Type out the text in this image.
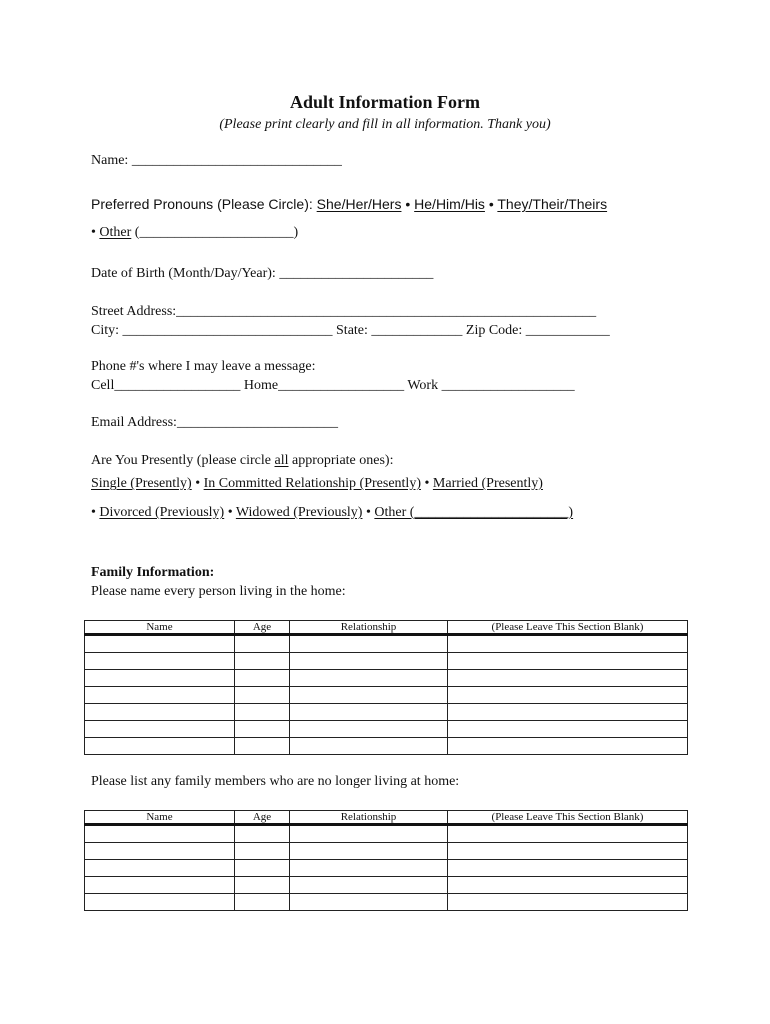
Adult Information Form
(Please print clearly and fill in all information. Thank you)
Name: ______________________________
Preferred Pronouns (Please Circle): She/Her/Hers • He/Him/His • They/Their/Theirs
• Other (______________________)
Date of Birth (Month/Day/Year): ______________________
Street Address:____________________________________________________________
City: ______________________________ State: _____________ Zip Code: ____________
Phone #'s where I may leave a message:
Cell__________________ Home__________________ Work ___________________
Email Address:_______________________
Are You Presently (please circle all appropriate ones):
Single (Presently) • In Committed Relationship (Presently) • Married (Presently)
• Divorced (Previously) • Widowed (Previously) • Other (______________________)
Family Information:
Please name every person living in the home:
Name	Age	Relationship	(Please Leave This Section Blank)

Please list any family members who are no longer living at home:
Name	Age	Relationship	(Please Leave This Section Blank)
